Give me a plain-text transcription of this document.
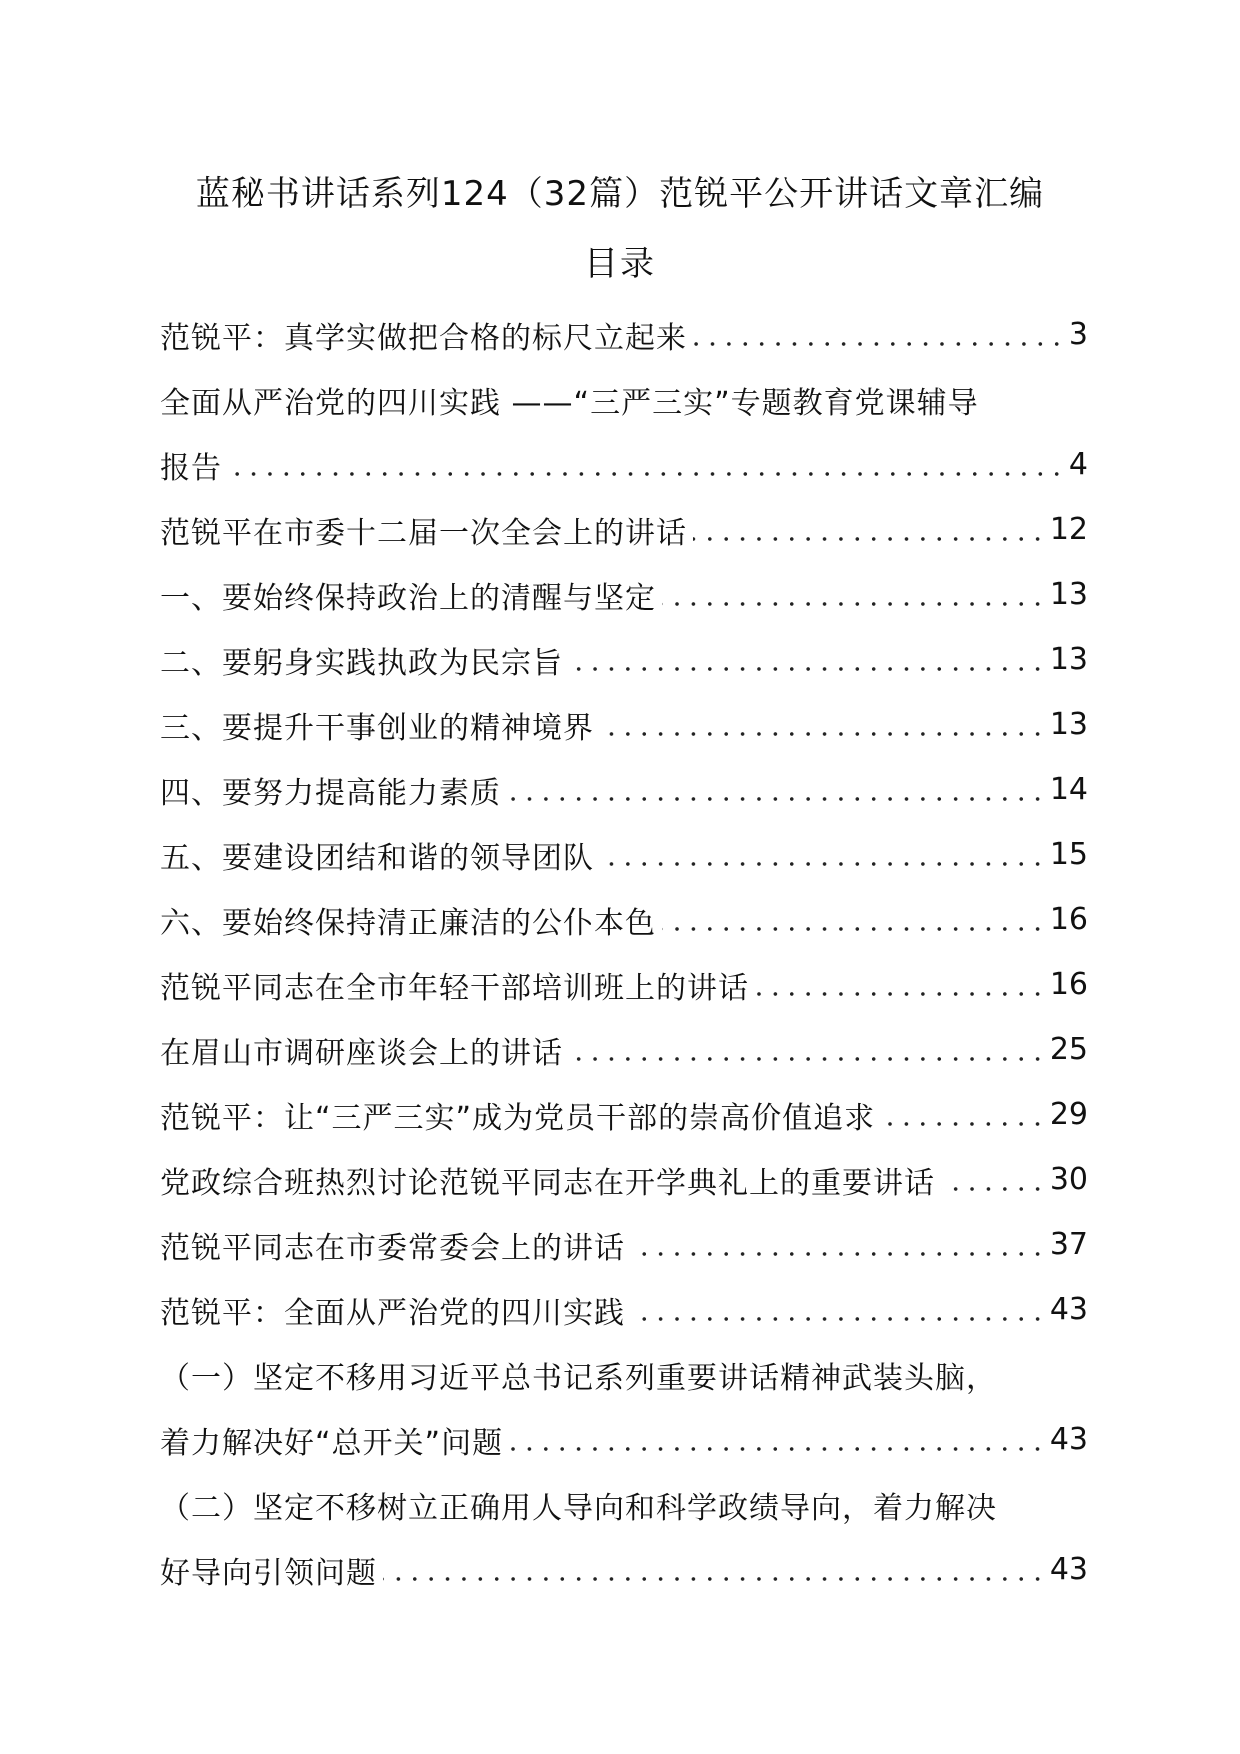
蓝秘书讲话系列124（32篇）范锐平公开讲话文章汇编
目录
范锐平：真学实做把合格的标尺立起来	3
全面从严治党的四川实践 ——“三严三实”专题教育党课辅导
报告	4
范锐平在市委十二届一次全会上的讲话	12
一、要始终保持政治上的清醒与坚定	13
二、要躬身实践执政为民宗旨	13
三、要提升干事创业的精神境界	13
四、要努力提高能力素质	14
五、要建设团结和谐的领导团队	15
六、要始终保持清正廉洁的公仆本色	16
范锐平同志在全市年轻干部培训班上的讲话	16
在眉山市调研座谈会上的讲话	25
范锐平：让“三严三实”成为党员干部的崇高价值追求	29
党政综合班热烈讨论范锐平同志在开学典礼上的重要讲话	30
范锐平同志在市委常委会上的讲话	37
范锐平：全面从严治党的四川实践	43
（一）坚定不移用习近平总书记系列重要讲话精神武装头脑，
着力解决好“总开关”问题	43
（二）坚定不移树立正确用人导向和科学政绩导向，着力解决
好导向引领问题	43
